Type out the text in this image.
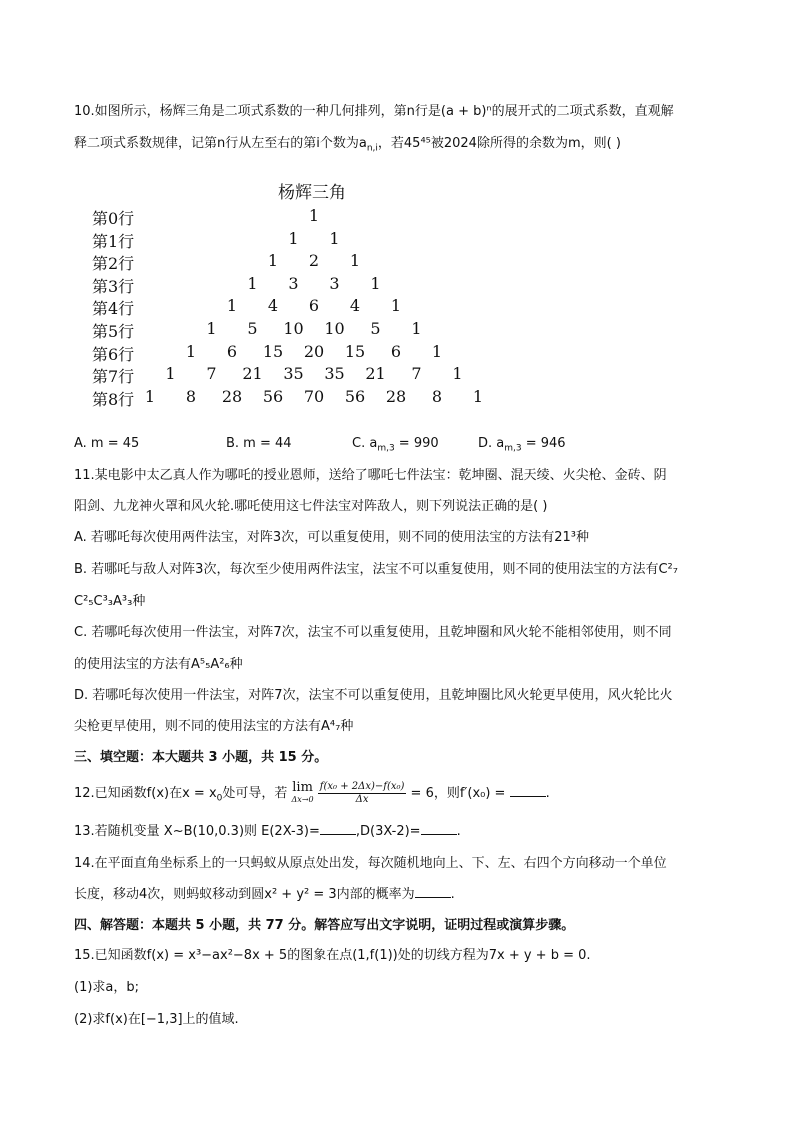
10.如图所示，杨辉三角是二项式系数的一种几何排列，第n行是(a + b)ⁿ的展开式的二项式系数，直观解
释二项式系数规律，记第n行从左至右的第i个数为$a_{n,i}$，若45⁴⁵被2024除所得的余数为m，则( )
杨辉三角
第0行	1
第1行	1 1
第2行	1 2 1
第3行	1 3 3 1
第4行	1 4 6 4 1
第5行	1 5 10 10 5 1
第6行	1 6 15 20 15 6 1
第7行 1 7 21 35 35 21 7 1
第8行 1 8 28 56 70 56 28 8 1
A. m = 45	B. m = 44	C. $a_{m,3} = 990$	D. $a_{m,3} = 946$
11.某电影中太乙真人作为哪吒的授业恩师，送给了哪吒七件法宝：乾坤圈、混天绫、火尖枪、金砖、阴
阳剑、九龙神火罩和风火轮.哪吒使用这七件法宝对阵敌人，则下列说法正确的是( )
A. 若哪吒每次使用两件法宝，对阵3次，可以重复使用，则不同的使用法宝的方法有21³种
B. 若哪吒与敌人对阵3次，每次至少使用两件法宝，法宝不可以重复使用，则不同的使用法宝的方法有C²₇
C²₅C³₃A³₃种
C. 若哪吒每次使用一件法宝，对阵7次，法宝不可以重复使用，且乾坤圈和风火轮不能相邻使用，则不同
的使用法宝的方法有A⁵₅A²₆种
D. 若哪吒每次使用一件法宝，对阵7次，法宝不可以重复使用，且乾坤圈比风火轮更早使用，风火轮比火
尖枪更早使用，则不同的使用法宝的方法有A⁴₇种
三、填空题：本大题共 3 小题，共 15 分。
12.已知函数f(x)在$x = x_0$处可导，若 lim
Δx→0
$\frac{\text{f(x₀ + 2Δx)−f(x₀)}}{\Delta x} = 6$，则f′(x₀) =	.
13.若随机变量 X~B(10,0.3)则 E(2X-3)=	,D(3X-2)=	.
14.在平面直角坐标系上的一只蚂蚁从原点处出发，每次随机地向上、下、左、右四个方向移动一个单位
长度，移动4次，则蚂蚁移动到圆x² + y² = 3内部的概率为	.
四、解答题：本题共 5 小题，共 77 分。解答应写出文字说明，证明过程或演算步骤。
15.已知函数f(x) = x³−ax²−8x + 5的图象在点(1,f(1))处的切线方程为7x + y + b = 0.
(1)求a，b;
(2)求f(x)在[−1,3]上的值域.
